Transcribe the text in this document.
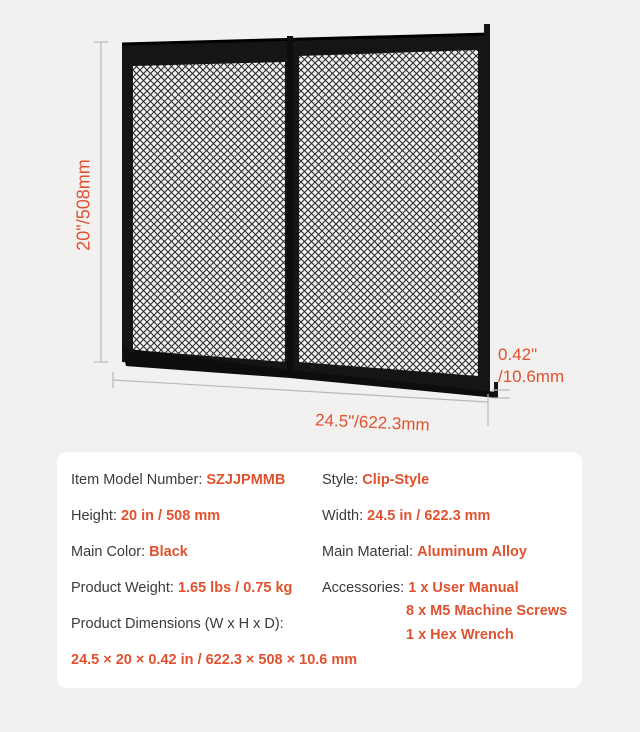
20"/508mm
24.5"/622.3mm
0.42"
/10.6mm
Item Model Number: SZJJPMMB	Style: Clip-Style
Height: 20 in / 508 mm	Width: 24.5 in / 622.3 mm
Main Color: Black	Main Material: Aluminum Alloy
Product Weight: 1.65 lbs / 0.75 kg Accessories: 1 x User Manual
8 x M5 Machine Screws
1 x Hex Wrench
Product Dimensions (W x H x D):
24.5 × 20 × 0.42 in / 622.3 × 508 × 10.6 mm
